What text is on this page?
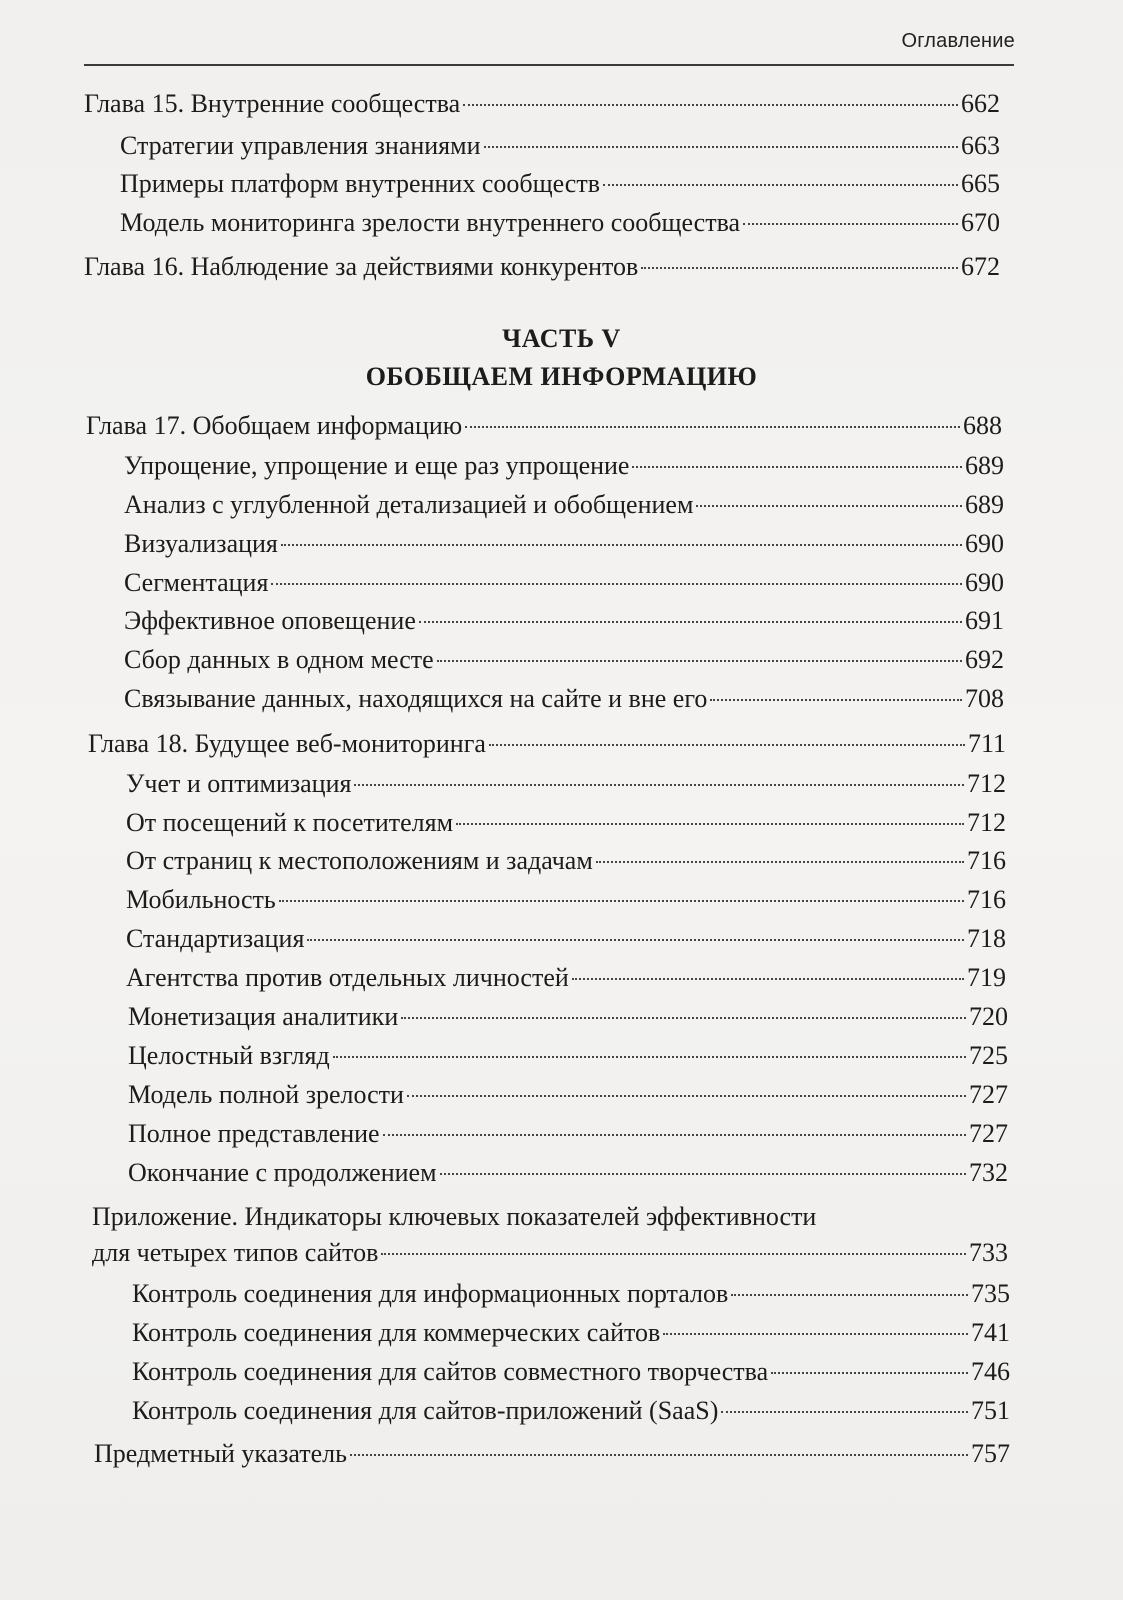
Оглавление
Глава 15. Внутренние сообщества	662
Стратегии управления знаниями	663
Примеры платформ внутренних сообществ	665
Модель мониторинга зрелости внутреннего сообщества	670
Глава 16. Наблюдение за действиями конкурентов	672
ЧАСТЬ V
ОБОБЩАЕМ ИНФОРМАЦИЮ
Глава 17. Обобщаем информацию	688
Упрощение, упрощение и еще раз упрощение	689
Анализ с углубленной детализацией и обобщением	689
Визуализация	690
Сегментация	690
Эффективное оповещение	691
Сбор данных в одном месте	692
Связывание данных, находящихся на сайте и вне его	708
Глава 18. Будущее веб-мониторинга	711
Учет и оптимизация	712
От посещений к посетителям	712
От страниц к местоположениям и задачам	716
Мобильность	716
Стандартизация	718
Агентства против отдельных личностей	719
Монетизация аналитики	720
Целостный взгляд	725
Модель полной зрелости	727
Полное представление	727
Окончание с продолжением	732
Приложение. Индикаторы ключевых показателей эффективности
для четырех типов сайтов	733
Контроль соединения для информационных порталов	735
Контроль соединения для коммерческих сайтов	741
Контроль соединения для сайтов совместного творчества	746
Контроль соединения для сайтов-приложений (SaaS)	751
Предметный указатель	757
